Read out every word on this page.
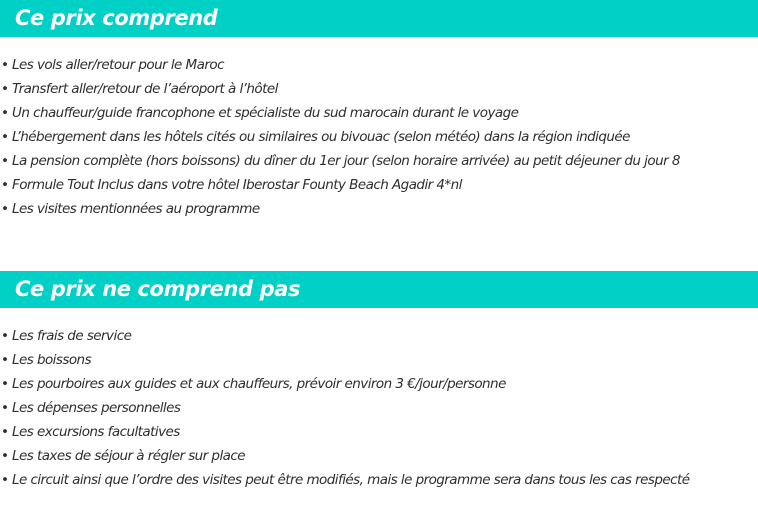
Ce prix comprend
• Les vols aller/retour pour le Maroc
• Transfert aller/retour de l’aéroport à l’hôtel
• Un chauffeur/guide francophone et spécialiste du sud marocain durant le voyage
• L’hébergement dans les hôtels cités ou similaires ou bivouac (selon météo) dans la région indiquée
• La pension complète (hors boissons) du dîner du 1er jour (selon horaire arrivée) au petit déjeuner du jour 8
• Formule Tout Inclus dans votre hôtel Iberostar Founty Beach Agadir 4*nl
• Les visites mentionnées au programme
Ce prix ne comprend pas
• Les frais de service
• Les boissons
• Les pourboires aux guides et aux chauffeurs, prévoir environ 3 €/jour/personne
• Les dépenses personnelles
• Les excursions facultatives
• Les taxes de séjour à régler sur place
• Le circuit ainsi que l’ordre des visites peut être modifiés, mais le programme sera dans tous les cas respecté
